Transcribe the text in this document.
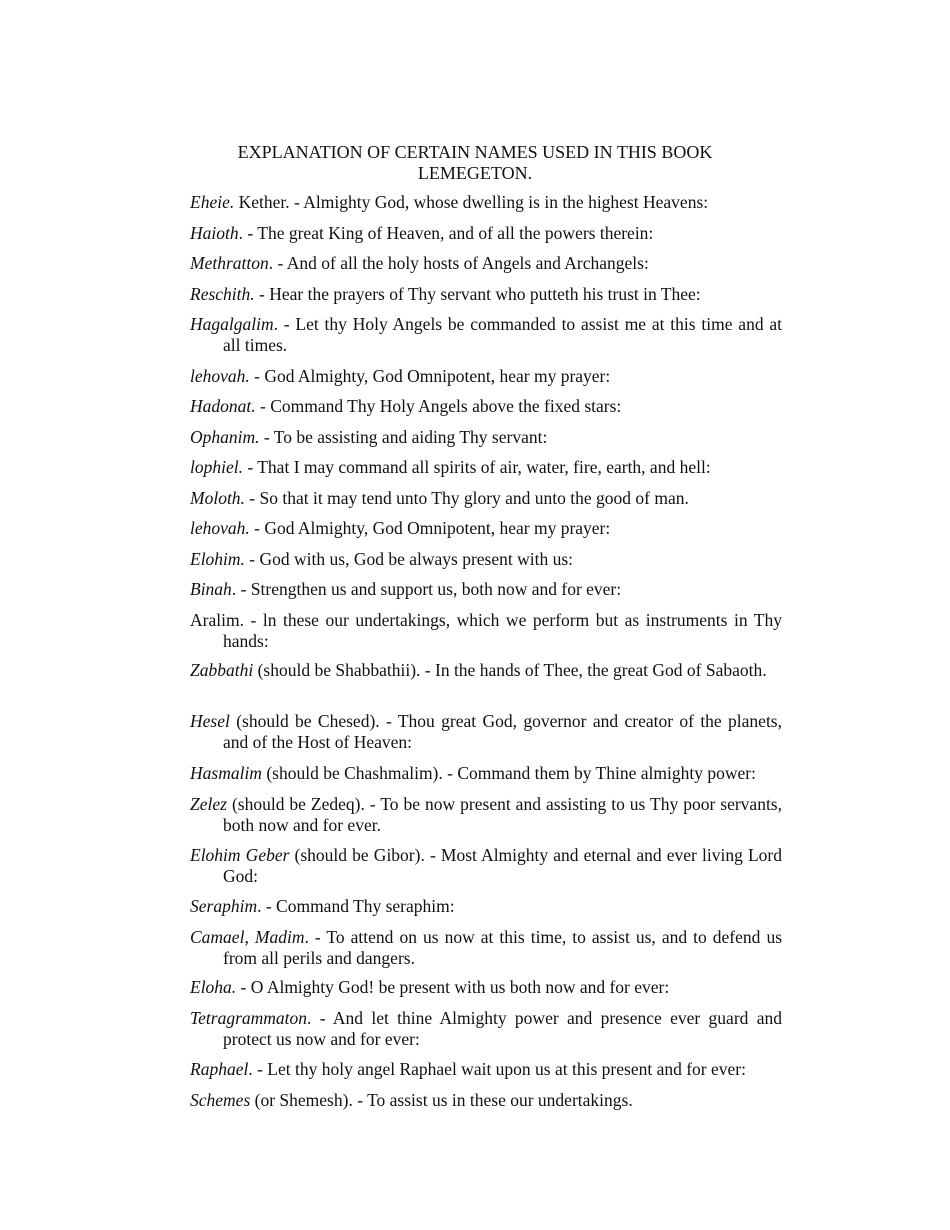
EXPLANATION OF CERTAIN NAMES USED IN THIS BOOK
LEMEGETON.
Eheie. Kether. - Almighty God, whose dwelling is in the highest Heavens:
Haioth. - The great King of Heaven, and of all the powers therein:
Methratton. - And of all the holy hosts of Angels and Archangels:
Reschith. - Hear the prayers of Thy servant who putteth his trust in Thee:
Hagalgalim. - Let thy Holy Angels be commanded to assist me at this time and at all times.
lehovah. - God Almighty, God Omnipotent, hear my prayer:
Hadonat. - Command Thy Holy Angels above the fixed stars:
Ophanim. - To be assisting and aiding Thy servant:
lophiel. - That I may command all spirits of air, water, fire, earth, and hell:
Moloth. - So that it may tend unto Thy glory and unto the good of man.
lehovah. - God Almighty, God Omnipotent, hear my prayer:
Elohim. - God with us, God be always present with us:
Binah. - Strengthen us and support us, both now and for ever:
Aralim. - ln these our undertakings, which we perform but as instruments in Thy hands:
Zabbathi (should be Shabbathii). - In the hands of Thee, the great God of Sabaoth.
Hesel (should be Chesed). - Thou great God, governor and creator of the planets, and of the Host of Heaven:
Hasmalim (should be Chashmalim). - Command them by Thine almighty power:
Zelez (should be Zedeq). - To be now present and assisting to us Thy poor servants, both now and for ever.
Elohim Geber (should be Gibor). - Most Almighty and eternal and ever living Lord God:
Seraphim. - Command Thy seraphim:
Camael, Madim. - To attend on us now at this time, to assist us, and to defend us from all perils and dangers.
Eloha. - O Almighty God! be present with us both now and for ever:
Tetragrammaton. - And let thine Almighty power and presence ever guard and protect us now and for ever:
Raphael. - Let thy holy angel Raphael wait upon us at this present and for ever:
Schemes (or Shemesh). - To assist us in these our undertakings.
